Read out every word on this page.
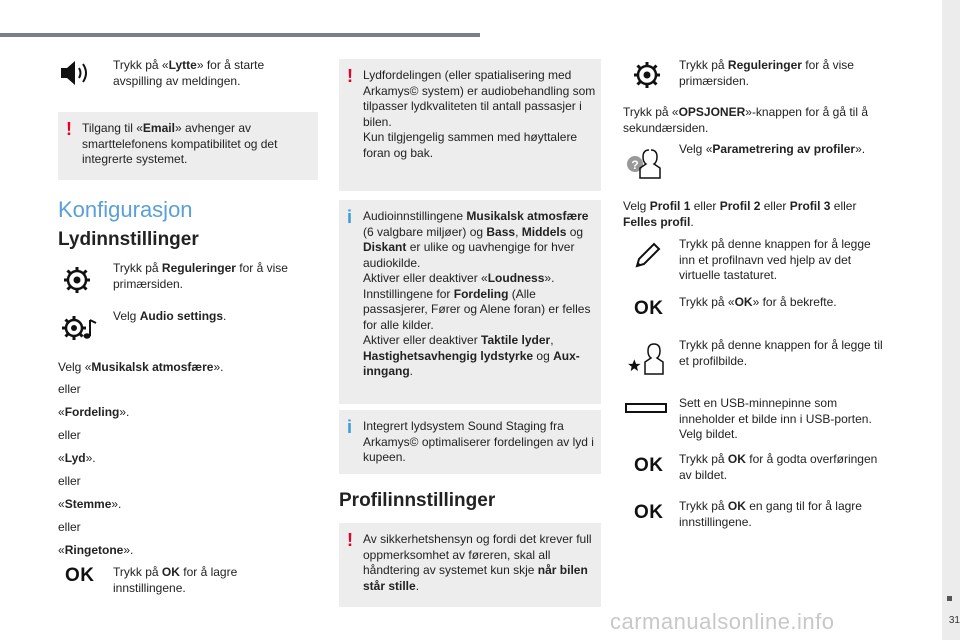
31
Trykk på «Lytte» for å starte avspilling av meldingen.
! Tilgang til «Email» avhenger av smarttelefonens kompatibilitet og det integrerte systemet.
Konfigurasjon
Lydinnstillinger
Trykk på Reguleringer for å vise primærsiden.
Velg Audio settings.
Velg «Musikalsk atmosfære».
eller
«Fordeling».
eller
«Lyd».
eller
«Stemme».
eller
«Ringetone».
OK Trykk på OK for å lagre innstillingene.
! Lydfordelingen (eller spatialisering med Arkamys© system) er audiobehandling som tilpasser lydkvaliteten til antall passasjer i bilen.
Kun tilgjengelig sammen med høyttalere foran og bak.
i Audioinnstillingene Musikalsk atmosfære (6 valgbare miljøer) og Bass, Middels og Diskant er ulike og uavhengige for hver audiokilde.
Aktiver eller deaktiver «Loudness».
Innstillingene for Fordeling (Alle passasjerer, Fører og Alene foran) er felles for alle kilder.
Aktiver eller deaktiver Taktile lyder, Hastighetsavhengig lydstyrke og Aux-inngang.
i Integrert lydsystem Sound Staging fra Arkamys© optimaliserer fordelingen av lyd i kupeen.
Profilinnstillinger
! Av sikkerhetshensyn og fordi det krever full oppmerksomhet av føreren, skal all håndtering av systemet kun skje når bilen står stille.
Trykk på Reguleringer for å vise primærsiden.
Trykk på «OPSJONER»-knappen for å gå til å sekundærsiden.
?
Velg «Parametrering av profiler».
Velg Profil 1 eller Profil 2 eller Profil 3 eller Felles profil.
Trykk på denne knappen for å legge inn et profilnavn ved hjelp av det virtuelle tastaturet.
OK Trykk på «OK» for å bekrefte.
Trykk på denne knappen for å legge til et profilbilde.
Sett en USB-minnepinne som inneholder et bilde inn i USB-porten. Velg bildet.
OK Trykk på OK for å godta overføringen av bildet.
OK Trykk på OK en gang til for å lagre innstillingene.
carmanualsonline.info
